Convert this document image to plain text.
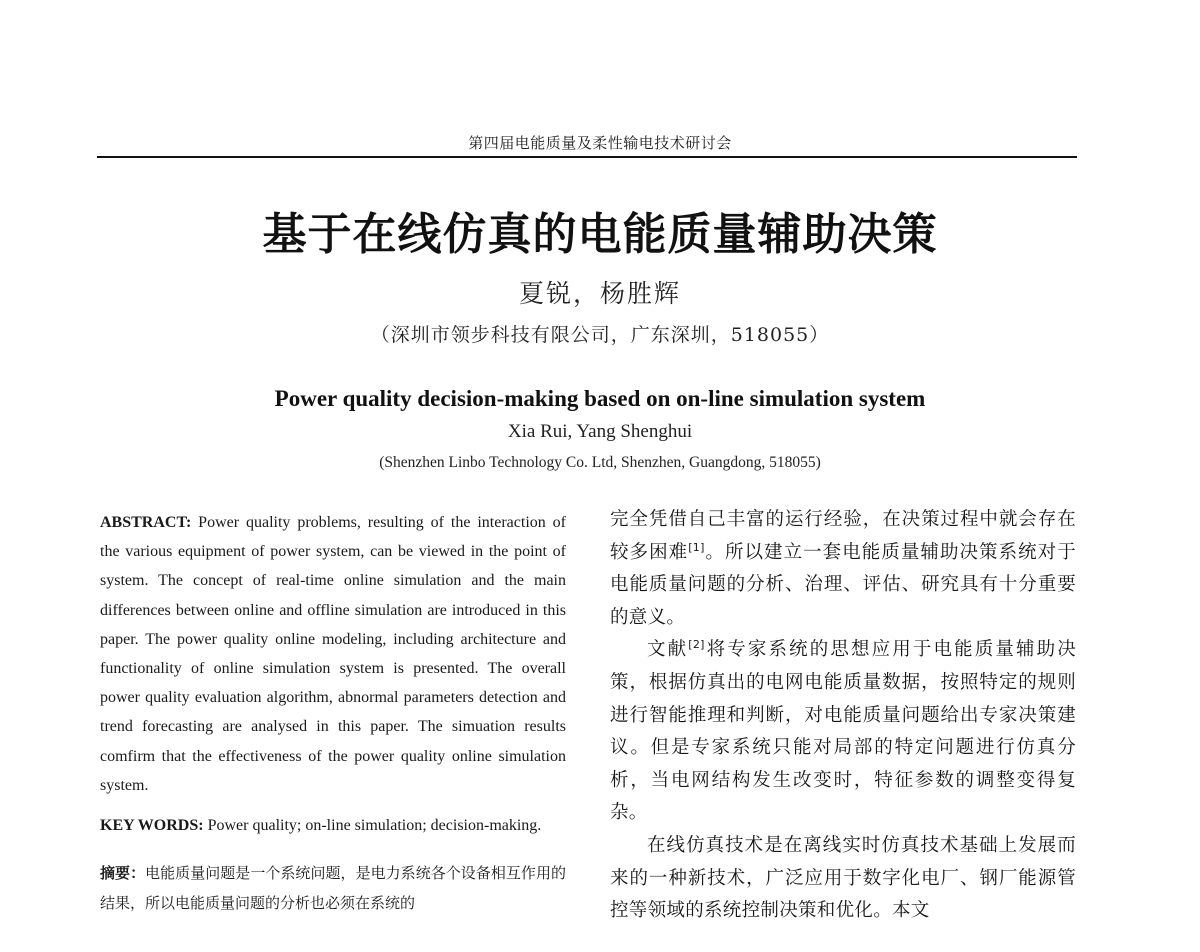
第四届电能质量及柔性输电技术研讨会
基于在线仿真的电能质量辅助决策
夏锐，杨胜辉
（深圳市领步科技有限公司，广东深圳，518055）
Power quality decision-making based on on-line simulation system
Xia Rui, Yang Shenghui
(Shenzhen Linbo Technology Co. Ltd, Shenzhen, Guangdong, 518055)

ABSTRACT: Power quality problems, resulting of the interaction of the various equipment of power system, can be viewed in the point of system. The concept of real-time online simulation and the main differences between online and offline simulation are introduced in this paper. The power quality online modeling, including architecture and functionality of online simulation system is presented. The overall power quality evaluation algorithm, abnormal parameters detection and trend forecasting are analysed in this paper. The simuation results comfirm that the effectiveness of the power quality online simulation system.

KEY WORDS: Power quality; on-line simulation; decision-making.

摘要：电能质量问题是一个系统问题，是电力系统各个设备相互作用的结果，所以电能质量问题的分析也必须在系统的

完全凭借自己丰富的运行经验，在决策过程中就会存在较多困难[1]。所以建立一套电能质量辅助决策系统对于电能质量问题的分析、治理、评估、研究具有十分重要的意义。

文献[2]将专家系统的思想应用于电能质量辅助决策，根据仿真出的电网电能质量数据，按照特定的规则进行智能推理和判断，对电能质量问题给出专家决策建议。但是专家系统只能对局部的特定问题进行仿真分析，当电网结构发生改变时，特征参数的调整变得复杂。

在线仿真技术是在离线实时仿真技术基础上发展而来的一种新技术，广泛应用于数字化电厂、钢厂能源管控等领域的系统控制决策和优化。本文
